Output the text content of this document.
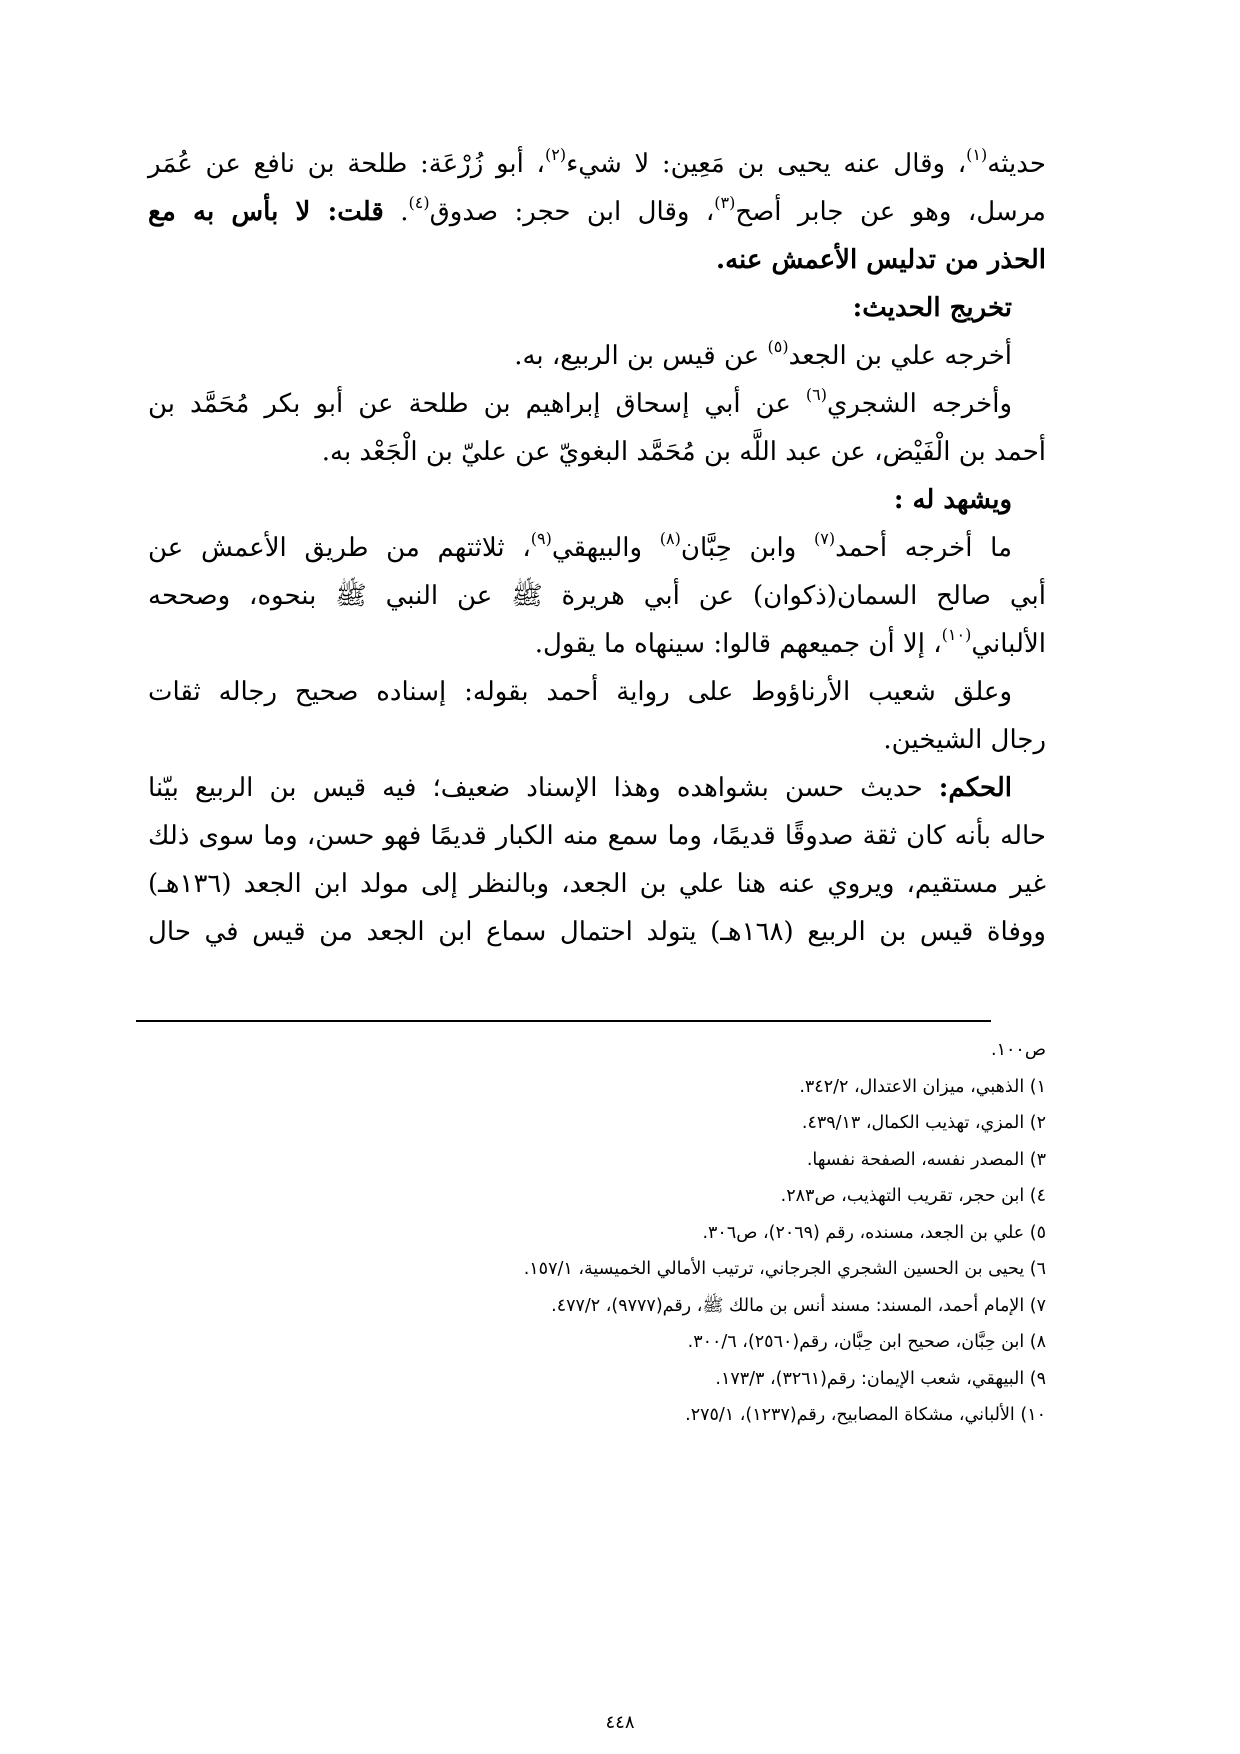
حديثه$^{(١)}$، وقال عنه يحيى بن مَعِين: لا شيء$^{(٢)}$، أبو زُرْعَة: طلحة بن نافع عن عُمَر
مرسل، وهو عن جابر أصح$^{(٣)}$، وقال ابن حجر: صدوق$^{(٤)}$. قلت: لا بأس به مع
الحذر من تدليس الأعمش عنه.
تخريج الحديث:
أخرجه علي بن الجعد$^{(٥)}$ عن قيس بن الربيع، به.
وأخرجه الشجري$^{(٦)}$ عن أبي إسحاق إبراهيم بن طلحة عن أبو بكر مُحَمَّد بن
أحمد بن الْفَيْض، عن عبد اللَّه بن مُحَمَّد البغويّ عن عليّ بن الْجَعْد به.
ويشهد له :
ما أخرجه أحمد$^{(٧)}$ وابن حِبَّان$^{(٨)}$ والبيهقي$^{(٩)}$، ثلاثتهم من طريق الأعمش عن
أبي صالح السمان(ذكوان) عن أبي هريرة ﷺ عن النبي ﷺ بنحوه، وصححه
الألباني$^{(١٠)}$، إلا أن جميعهم قالوا: سينهاه ما يقول.
وعلق شعيب الأرناؤوط على رواية أحمد بقوله: إسناده صحيح رجاله ثقات
رجال الشيخين.
الحكم: حديث حسن بشواهده وهذا الإسناد ضعيف؛ فيه قيس بن الربيع بيّنا
حاله بأنه كان ثقة صدوقًا قديمًا، وما سمع منه الكبار قديمًا فهو حسن، وما سوى ذلك
غير مستقيم، ويروي عنه هنا علي بن الجعد، وبالنظر إلى مولد ابن الجعد (١٣٦هـ)
ووفاة قيس بن الربيع (١٦٨هـ) يتولد احتمال سماع ابن الجعد من قيس في حال
ص١٠٠.
١) الذهبي، ميزان الاعتدال، ٣٤٢/٢.
٢) المزي، تهذيب الكمال، ٤٣٩/١٣.
٣) المصدر نفسه، الصفحة نفسها.
٤) ابن حجر، تقريب التهذيب، ص٢٨٣.
٥) علي بن الجعد، مسنده، رقم (٢٠٦٩)، ص٣٠٦.
٦) يحيى بن الحسين الشجري الجرجاني، ترتيب الأمالي الخميسية، ١٥٧/١.
٧) الإمام أحمد، المسند: مسند أنس بن مالك ﷺ، رقم(٩٧٧٧)، ٤٧٧/٢.
٨) ابن حِبَّان، صحيح ابن حِبَّان، رقم(٢٥٦٠)، ٣٠٠/٦.
٩) البيهقي، شعب الإيمان: رقم(٣٢٦١)، ١٧٣/٣.
١٠) الألباني، مشكاة المصابيح، رقم(١٢٣٧)، ٢٧٥/١.
٤٤٨
